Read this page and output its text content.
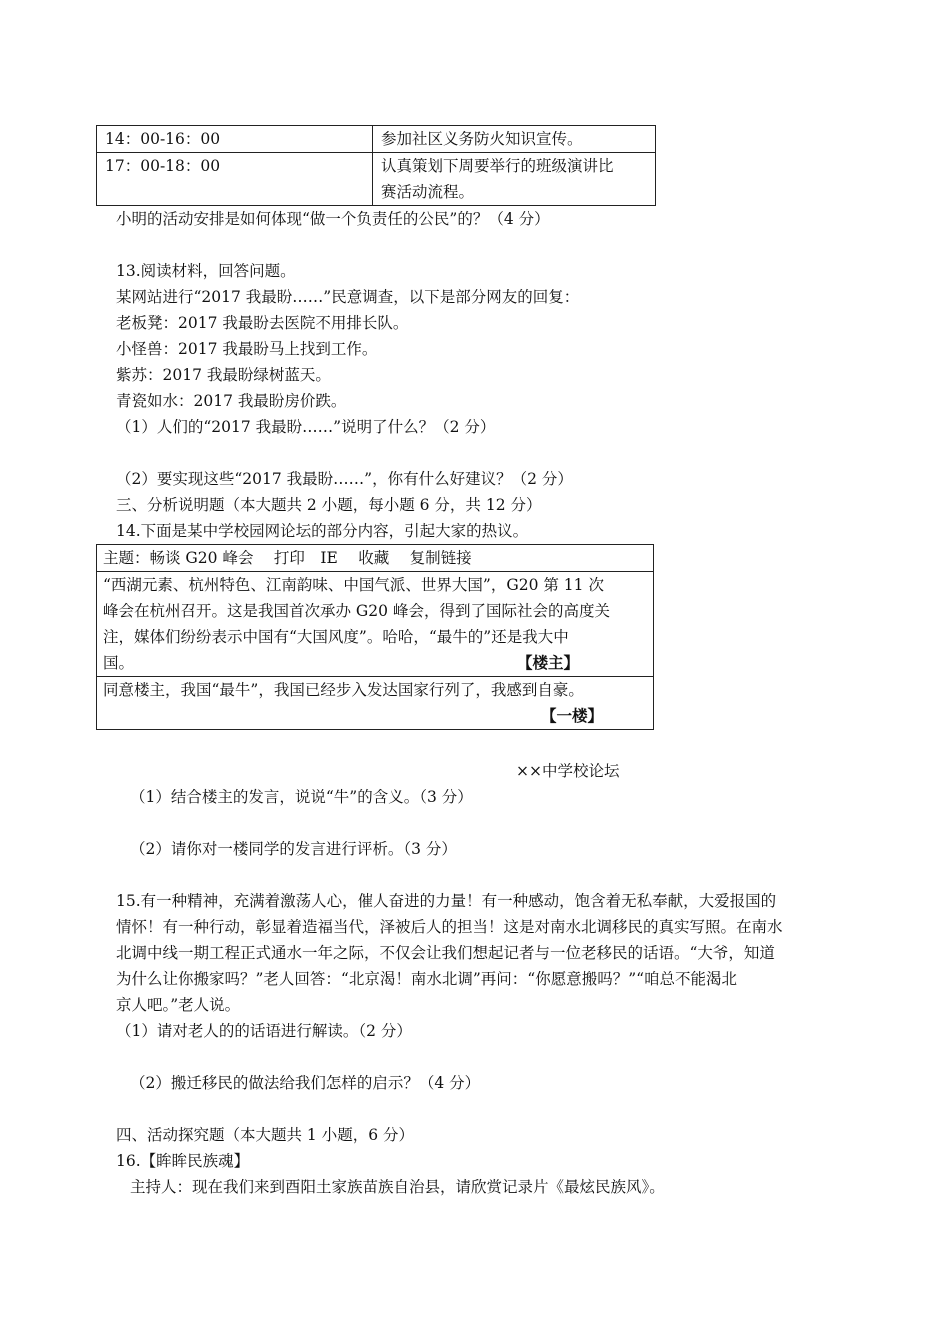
14：00-16：00	参加社区义务防火知识宣传。
17：00-18：00	认真策划下周要举行的班级演讲比
赛活动流程。
小明的活动安排是如何体现“做一个负责任的公民”的？（4 分）
13.阅读材料，回答问题。
某网站进行“2017 我最盼……”民意调查，以下是部分网友的回复：
老板凳：2017 我最盼去医院不用排长队。
小怪兽：2017 我最盼马上找到工作。
紫苏：2017 我最盼绿树蓝天。
青瓷如水：2017 我最盼房价跌。
（1）人们的“2017 我最盼……”说明了什么？（2 分）
（2）要实现这些“2017 我最盼……”，你有什么好建议？（2 分）
三、分析说明题（本大题共 2 小题，每小题 6 分，共 12 分）
14.下面是某中学校园网论坛的部分内容，引起大家的热议。
主题：畅谈 G20 峰会　 打印　IE　 收藏　 复制链接
“西湖元素、杭州特色、江南韵味、中国气派、世界大国”，G20 第 11 次
峰会在杭州召开。这是我国首次承办 G20 峰会，得到了国际社会的高度关
注，媒体们纷纷表示中国有“大国风度”。哈哈，“最牛的”还是我大中
国。	【楼主】
同意楼主，我国“最牛”，我国已经步入发达国家行列了，我感到自豪。
【一楼】
××中学校论坛
（1）结合楼主的发言，说说“牛”的含义。（3 分）
（2）请你对一楼同学的发言进行评析。（3 分）
15.有一种精神，充满着激荡人心，催人奋进的力量！有一种感动，饱含着无私奉献，大爱报国的
情怀！有一种行动，彰显着造福当代，泽被后人的担当！这是对南水北调移民的真实写照。在南水
北调中线一期工程正式通水一年之际，不仅会让我们想起记者与一位老移民的话语。“大爷，知道
为什么让你搬家吗？”老人回答：“北京渴！南水北调”再问：“你愿意搬吗？”“咱总不能渴北
京人吧。”老人说。
（1）请对老人的的话语进行解读。（2 分）
（2）搬迁移民的做法给我们怎样的启示？（4 分）
四、活动探究题（本大题共 1 小题，6 分）
16.【眸眸民族魂】
主持人：现在我们来到酉阳土家族苗族自治县，请欣赏记录片《最炫民族风》。
